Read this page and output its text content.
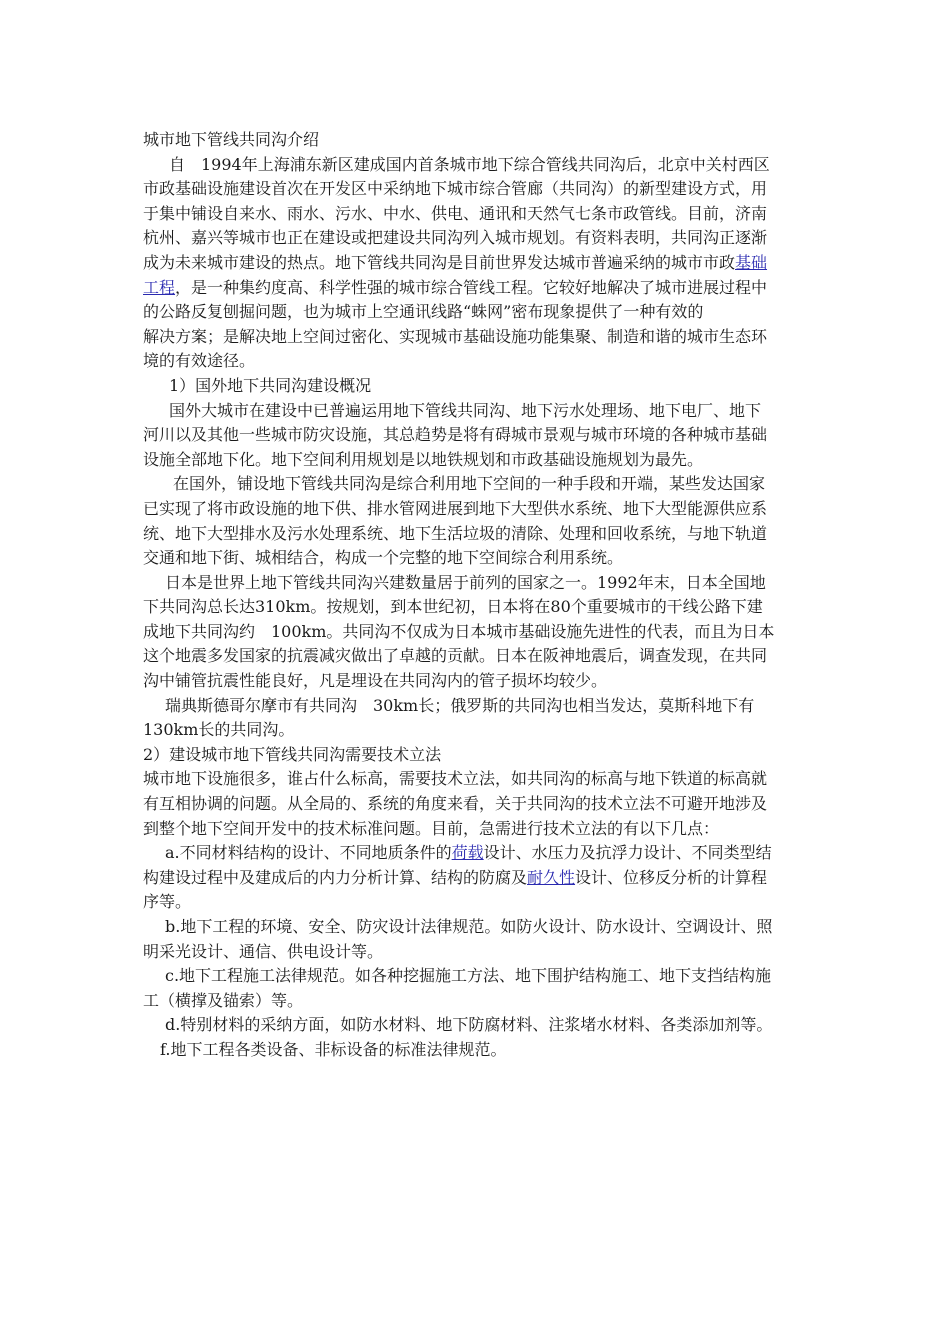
城市地下管线共同沟介绍
自　1994年上海浦东新区建成国内首条城市地下综合管线共同沟后，北京中关村西区
市政基础设施建设首次在开发区中采纳地下城市综合管廊（共同沟）的新型建设方式，用
于集中铺设自来水、雨水、污水、中水、供电、通讯和天然气七条市政管线。目前，济南
杭州、嘉兴等城市也正在建设或把建设共同沟列入城市规划。有资料表明，共同沟正逐渐
成为未来城市建设的热点。地下管线共同沟是目前世界发达城市普遍采纳的城市市政基础
工程，是一种集约度高、科学性强的城市综合管线工程。它较好地解决了城市进展过程中
的公路反复刨掘问题，也为城市上空通讯线路“蛛网”密布现象提供了一种有效的
解决方案；是解决地上空间过密化、实现城市基础设施功能集聚、制造和谐的城市生态环
境的有效途径。
1）国外地下共同沟建设概况
国外大城市在建设中已普遍运用地下管线共同沟、地下污水处理场、地下电厂、地下
河川以及其他一些城市防灾设施，其总趋势是将有碍城市景观与城市环境的各种城市基础
设施全部地下化。地下空间利用规划是以地铁规划和市政基础设施规划为最先。
在国外，铺设地下管线共同沟是综合利用地下空间的一种手段和开端，某些发达国家
已实现了将市政设施的地下供、排水管网进展到地下大型供水系统、地下大型能源供应系
统、地下大型排水及污水处理系统、地下生活垃圾的清除、处理和回收系统，与地下轨道
交通和地下街、城相结合，构成一个完整的地下空间综合利用系统。
日本是世界上地下管线共同沟兴建数量居于前列的国家之一。1992年末，日本全国地
下共同沟总长达310km。按规划，到本世纪初，日本将在80个重要城市的干线公路下建
成地下共同沟约　100km。共同沟不仅成为日本城市基础设施先进性的代表，而且为日本
这个地震多发国家的抗震减灾做出了卓越的贡献。日本在阪神地震后，调查发现，在共同
沟中铺管抗震性能良好，凡是埋设在共同沟内的管子损坏均较少。
瑞典斯德哥尔摩市有共同沟　30km长；俄罗斯的共同沟也相当发达，莫斯科地下有
130km长的共同沟。
2）建设城市地下管线共同沟需要技术立法
城市地下设施很多，谁占什么标高，需要技术立法，如共同沟的标高与地下铁道的标高就
有互相协调的问题。从全局的、系统的角度来看，关于共同沟的技术立法不可避开地涉及
到整个地下空间开发中的技术标准问题。目前，急需进行技术立法的有以下几点：
a.不同材料结构的设计、不同地质条件的荷载设计、水压力及抗浮力设计、不同类型结
构建设过程中及建成后的内力分析计算、结构的防腐及耐久性设计、位移反分析的计算程
序等。
b.地下工程的环境、安全、防灾设计法律规范。如防火设计、防水设计、空调设计、照
明采光设计、通信、供电设计等。
c.地下工程施工法律规范。如各种挖掘施工方法、地下围护结构施工、地下支挡结构施
工（横撑及锚索）等。
d.特别材料的采纳方面，如防水材料、地下防腐材料、注浆堵水材料、各类添加剂等。
f.地下工程各类设备、非标设备的标准法律规范。
